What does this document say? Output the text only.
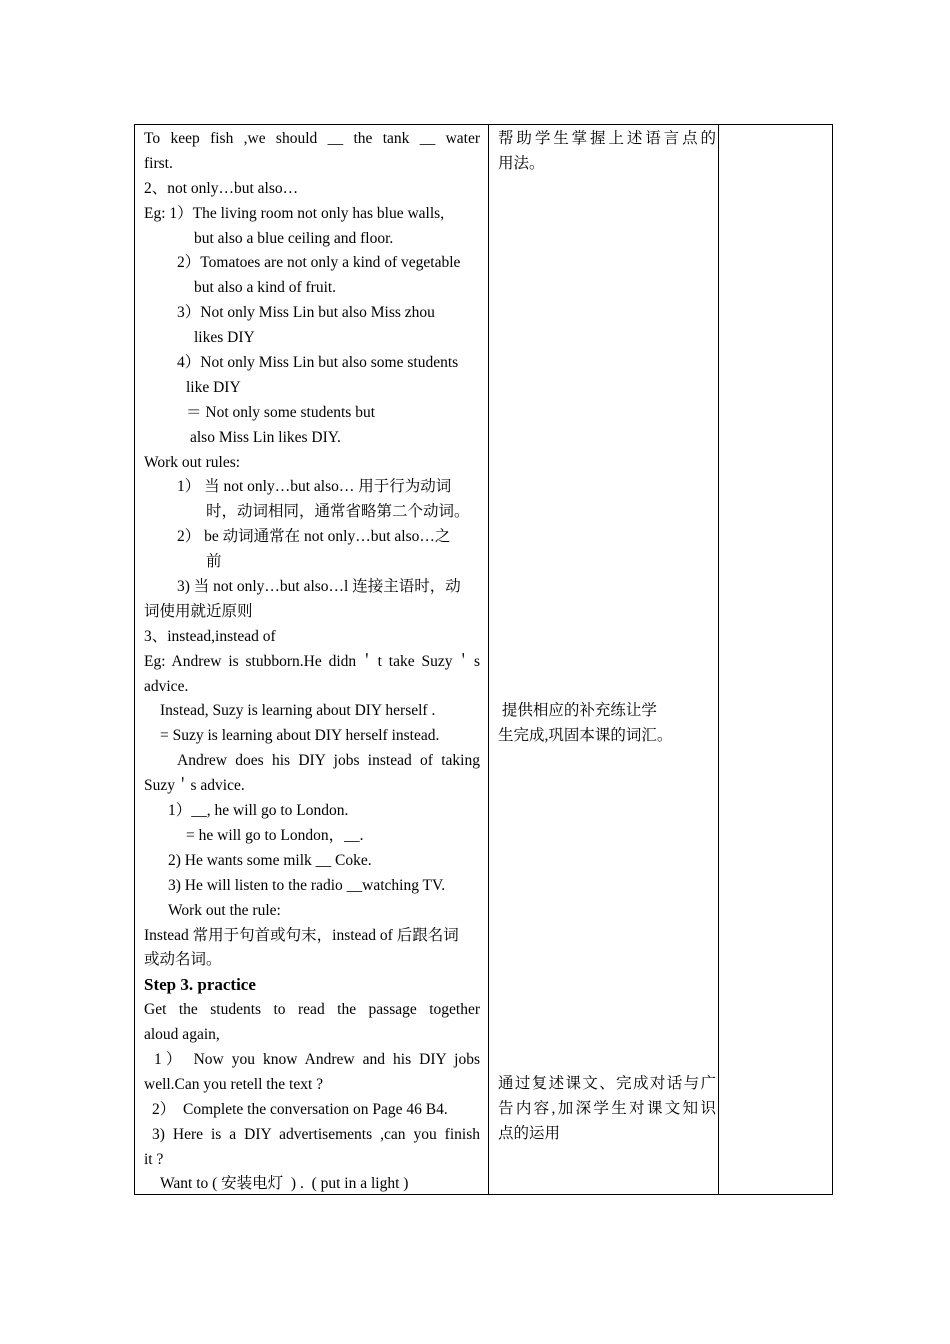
To keep fish ,we should __ the tank __ water
first.
2、not only…but also…
Eg: 1）The living room not only has blue walls,
but also a blue ceiling and floor.
2）Tomatoes are not only a kind of vegetable
but also a kind of fruit.
3）Not only Miss Lin but also Miss zhou
likes DIY
4）Not only Miss Lin but also some students
like DIY
＝ Not only some students but
also Miss Lin likes DIY.
Work out rules:
1） 当 not only…but also… 用于行为动词
时，动词相同，通常省略第二个动词。
2） be 动词通常在 not only…but also…之
前
3) 当 not only…but also…l 连接主语时，动
词使用就近原则
3、instead,instead of
Eg: Andrew is stubborn.He didn＇t take Suzy＇s
advice.
Instead, Suzy is learning about DIY herself .
= Suzy is learning about DIY herself instead.
Andrew does his DIY jobs instead of taking
Suzy＇s advice.
1）__, he will go to London.
= he will go to London，__.
2) He wants some milk __ Coke.
3) He will listen to the radio __watching TV.
Work out the rule:
Instead 常用于句首或句末，instead of 后跟名词
或动名词。
Step 3. practice
Get the students to read the passage together
aloud again,
1） Now you know Andrew and his DIY jobs
well.Can you retell the text ?
2）  Complete the conversation on Page 46 B4.
3) Here is a DIY advertisements ,can you finish
it ?
Want to ( 安装电灯  ) .  ( put in a light )
帮助学生掌握上述语言点的
用法。
提供相应的补充练让学
生完成,巩固本课的词汇。
通过复述课文、完成对话与广
告内容,加深学生对课文知识
点的运用
